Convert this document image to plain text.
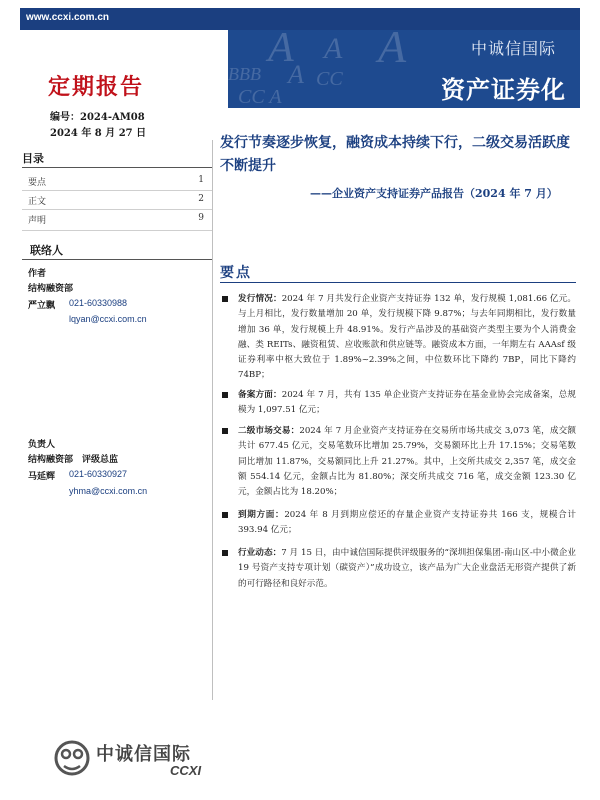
www.ccxi.com.cn
A A A
BBB A CC
CC A
中诚信国际
资产证券化
定期报告
编号：2024-AM08
2024 年 8 月 27 日
目录
要点	1
正文	2
声明	9
联络人
作者
结构融资部
严立飘 021-60330988
lqyan@ccxi.com.cn
负责人
结构融资部　评级总监
马延辉 021-60330927
yhma@ccxi.com.cn
发行节奏逐步恢复，融资成本持续下行，二级交易活跃度不断提升
——企业资产支持证券产品报告（2024 年 7 月）
要点
发行情况：2024 年 7 月共发行企业资产支持证券 132 单，发行规模 1,081.66 亿元。与上月相比，发行数量增加 20 单，发行规模下降 9.87%；与去年同期相比，发行数量增加 36 单，发行规模上升 48.91%。发行产品涉及的基础资产类型主要为个人消费金融、类 REITs、融资租赁、应收账款和供应链等。融资成本方面，一年期左右 AAAsf 级证券利率中枢大致位于 1.89%~2.39%之间，中位数环比下降约 7BP，同比下降约 74BP；
备案方面：2024 年 7 月，共有 135 单企业资产支持证券在基金业协会完成备案，总规模为 1,097.51 亿元；
二级市场交易：2024 年 7 月企业资产支持证券在交易所市场共成交 3,073 笔，成交额共计 677.45 亿元，交易笔数环比增加 25.79%，交易额环比上升 17.15%；交易笔数同比增加 11.87%，交易额同比上升 21.27%。其中，上交所共成交 2,357 笔，成交金额 554.14 亿元，金额占比为 81.80%；深交所共成交 716 笔，成交金额 123.30 亿元，金额占比为 18.20%；
到期方面：2024 年 8 月到期应偿还的存量企业资产支持证券共 166 支，规模合计 393.94 亿元；
行业动态：7 月 15 日，由中诚信国际提供评级服务的“深圳担保集团-南山区-中小微企业 19 号资产支持专项计划（碳资产）”成功设立，该产品为广大企业盘活无形资产提供了新的可行路径和良好示范。
中诚信国际
CCXI
